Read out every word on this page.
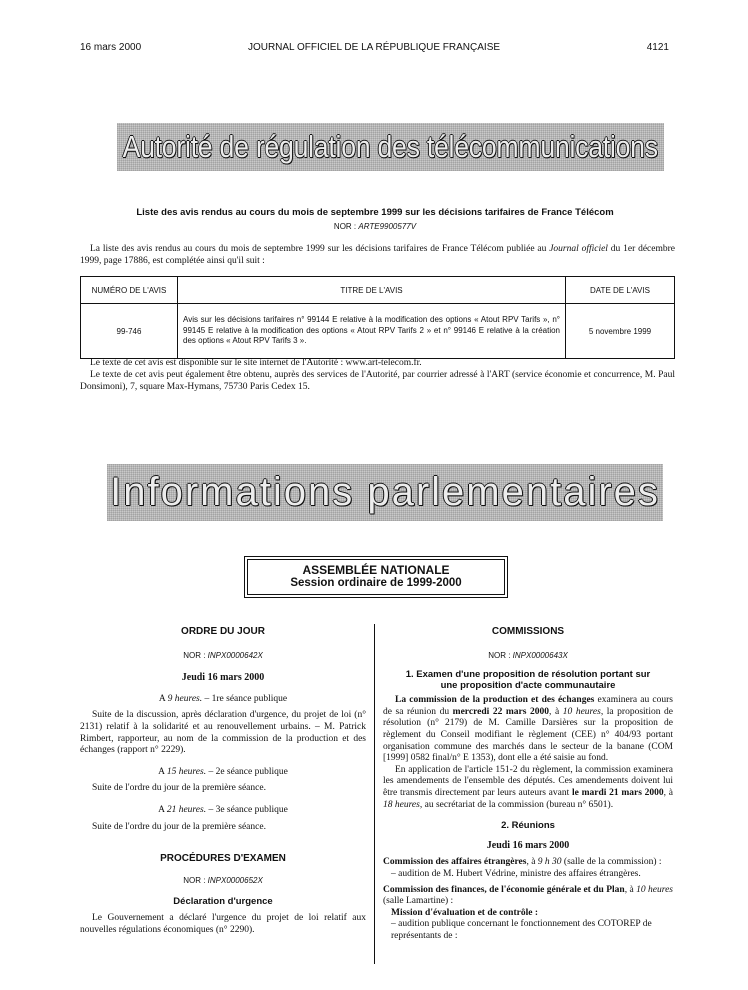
16 mars 2000	JOURNAL OFFICIEL DE LA RÉPUBLIQUE FRANÇAISE	4121
Autorité de régulation des télécommunications
Liste des avis rendus au cours du mois de septembre 1999 sur les décisions tarifaires de France Télécom
NOR : ARTE9900577V
La liste des avis rendus au cours du mois de septembre 1999 sur les décisions tarifaires de France Télécom publiée au Journal officiel du 1er décembre 1999, page 17886, est complétée ainsi qu'il suit :
NUMÉRO DE L'AVIS	TITRE DE L'AVIS	DATE DE L'AVIS
99-746	Avis sur les décisions tarifaires n° 99144 E relative à la modification des options « Atout RPV Tarifs », n° 99145 E relative à la modification des options « Atout RPV Tarifs 2 » et n° 99146 E relative à la création des options « Atout RPV Tarifs 3 ».	5 novembre 1999
Le texte de cet avis est disponible sur le site internet de l'Autorité : www.art-telecom.fr.
Le texte de cet avis peut également être obtenu, auprès des services de l'Autorité, par courrier adressé à l'ART (service économie et concurrence, M. Paul Donsimoni), 7, square Max-Hymans, 75730 Paris Cedex 15.
Informations parlementaires
ASSEMBLÉE NATIONALE
Session ordinaire de 1999-2000
ORDRE DU JOUR
NOR : INPX0000642X
Jeudi 16 mars 2000
A 9 heures. – 1re séance publique

Suite de la discussion, après déclaration d'urgence, du projet de loi (n° 2131) relatif à la solidarité et au renouvellement urbains. – M. Patrick Rimbert, rapporteur, au nom de la commission de la production et des échanges (rapport n° 2229).

A 15 heures. – 2e séance publique

Suite de l'ordre du jour de la première séance.

A 21 heures. – 3e séance publique

Suite de l'ordre du jour de la première séance.

PROCÉDURES D'EXAMEN
NOR : INPX0000652X
Déclaration d'urgence

Le Gouvernement a déclaré l'urgence du projet de loi relatif aux nouvelles régulations économiques (n° 2290).

COMMISSIONS
NOR : INPX0000643X
1. Examen d'une proposition de résolution portant sur une proposition d'acte communautaire

La commission de la production et des échanges examinera au cours de sa réunion du mercredi 22 mars 2000, à 10 heures, la proposition de résolution (n° 2179) de M. Camille Darsières sur la proposition de règlement du Conseil modifiant le règlement (CEE) n° 404/93 portant organisation commune des marchés dans le secteur de la banane (COM [1999] 0582 final/n° E 1353), dont elle a été saisie au fond.

En application de l'article 151-2 du règlement, la commission examinera les amendements de l'ensemble des députés. Ces amendements doivent lui être transmis directement par leurs auteurs avant le mardi 21 mars 2000, à 18 heures, au secrétariat de la commission (bureau n° 6501).

2. Réunions
Jeudi 16 mars 2000

Commission des affaires étrangères, à 9 h 30 (salle de la commission) :

– audition de M. Hubert Védrine, ministre des affaires étrangères.

Commission des finances, de l'économie générale et du Plan, à 10 heures (salle Lamartine) :

Mission d'évaluation et de contrôle :

– audition publique concernant le fonctionnement des COTOREP de représentants de :
